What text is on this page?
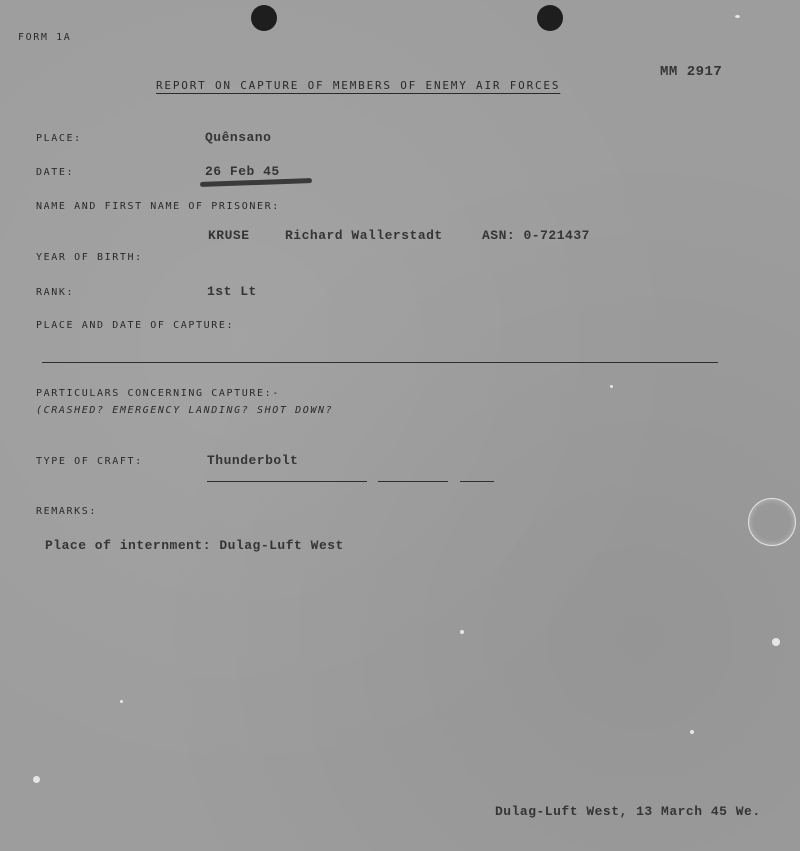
FORM 1A
MM 2917
REPORT ON CAPTURE OF MEMBERS OF ENEMY AIR FORCES
PLACE:	Quênsano
DATE:	26 Feb 45
NAME AND FIRST NAME OF PRISONER:
KRUSE	Richard Wallerstadt	ASN: 0-721437
YEAR OF BIRTH:
RANK:	1st Lt
PLACE AND DATE OF CAPTURE:
PARTICULARS CONCERNING CAPTURE:-
(CRASHED? EMERGENCY LANDING? SHOT DOWN?
TYPE OF CRAFT:	Thunderbolt
REMARKS:
Place of internment: Dulag-Luft West
Dulag-Luft West, 13 March 45 We.
